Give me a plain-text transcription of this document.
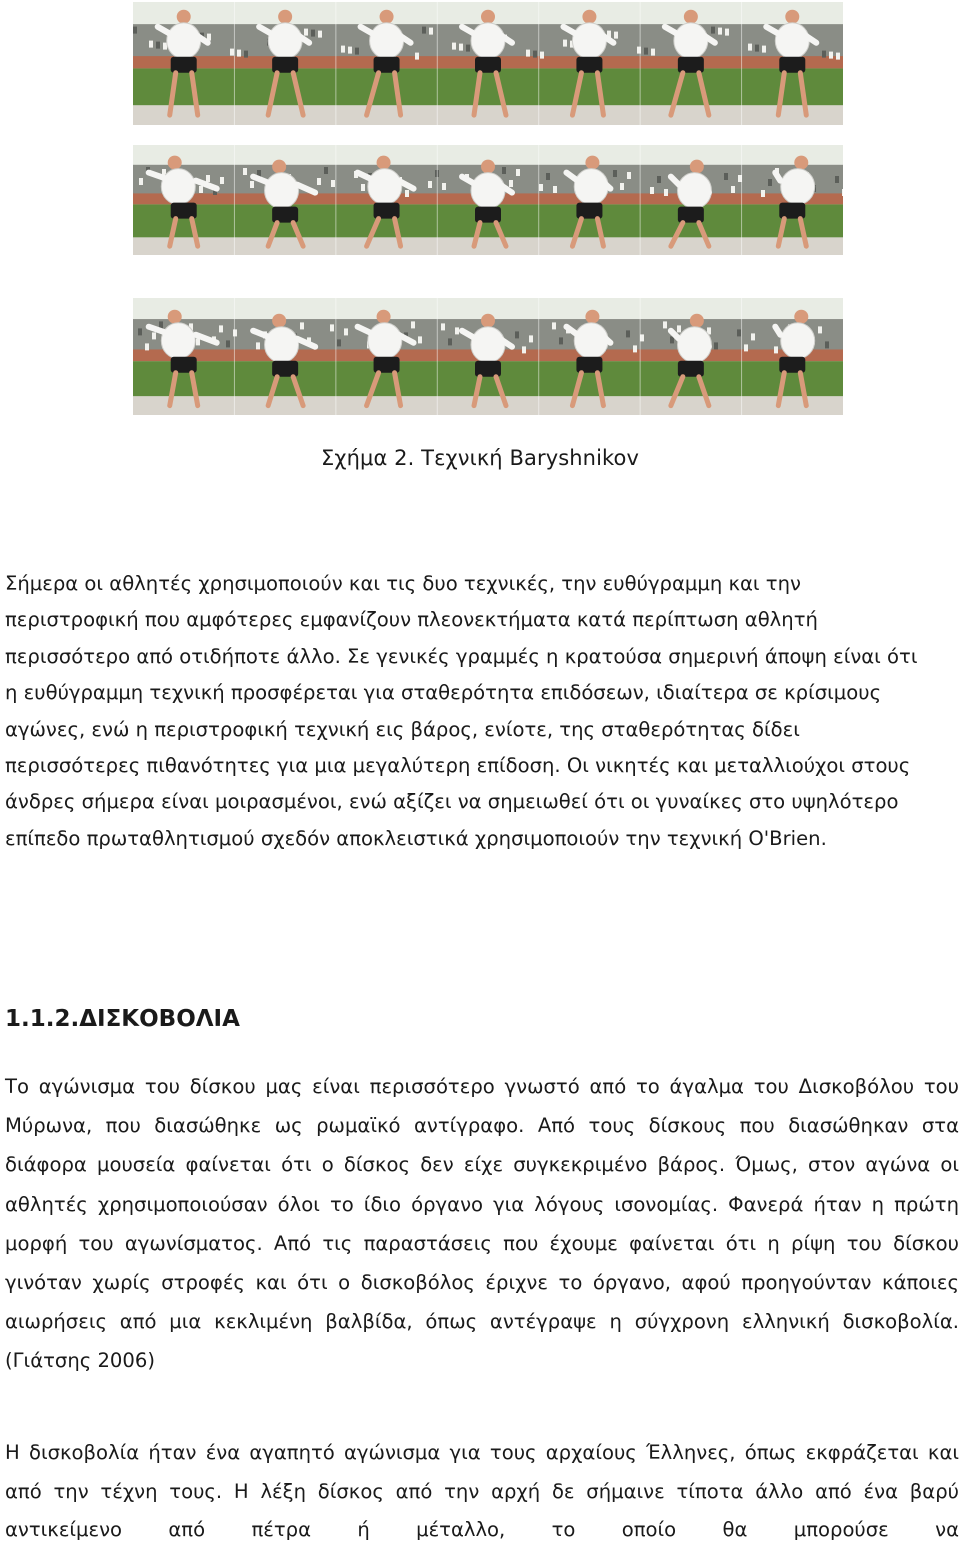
Σχήμα 2. Τεχνική Baryshnikov

Σήμερα οι αθλητές χρησιμοποιούν και τις δυο τεχνικές, την ευθύγραμμη και την περιστροφική που αμφότερες εμφανίζουν πλεονεκτήματα κατά περίπτωση αθλητή περισσότερο από οτιδήποτε άλλο. Σε γενικές γραμμές η κρατούσα σημερινή άποψη είναι ότι η ευθύγραμμη τεχνική προσφέρεται για σταθερότητα επιδόσεων, ιδιαίτερα σε κρίσιμους αγώνες, ενώ η περιστροφική τεχνική εις βάρος, ενίοτε, της σταθερότητας δίδει περισσότερες πιθανότητες για μια μεγαλύτερη επίδοση. Οι νικητές και μεταλλιούχοι στους άνδρες σήμερα είναι μοιρασμένοι, ενώ αξίζει να σημειωθεί ότι οι γυναίκες στο υψηλότερο επίπεδο πρωταθλητισμού σχεδόν αποκλειστικά χρησιμοποιούν την τεχνική O'Brien.

1.1.2.ΔΙΣΚΟΒΟΛΙΑ

Το αγώνισμα του δίσκου μας είναι περισσότερο γνωστό από το άγαλμα του Δισκοβόλου του Μύρωνα, που διασώθηκε ως ρωμαϊκό αντίγραφο. Από τους δίσκους που διασώθηκαν στα διάφορα μουσεία φαίνεται ότι ο δίσκος δεν είχε συγκεκριμένο βάρος. Όμως, στον αγώνα οι αθλητές χρησιμοποιούσαν όλοι το ίδιο όργανο για λόγους ισονομίας. Φανερά ήταν η πρώτη μορφή του αγωνίσματος. Από τις παραστάσεις που έχουμε φαίνεται ότι η ρίψη του δίσκου γινόταν χωρίς στροφές και ότι ο δισκοβόλος έριχνε το όργανο, αφού προηγούνταν κάποιες αιωρήσεις από μια κεκλιμένη βαλβίδα, όπως αντέγραψε η σύγχρονη ελληνική δισκοβολία.(Γιάτσης 2006)

Η δισκοβολία ήταν ένα αγαπητό αγώνισμα για τους αρχαίους Έλληνες, όπως εκφράζεται και από την τέχνη τους. Η λέξη δίσκος από την αρχή δε σήμαινε τίποτα άλλο από ένα βαρύ αντικείμενο από πέτρα ή μέταλλο, το οποίο θα μπορούσε να
